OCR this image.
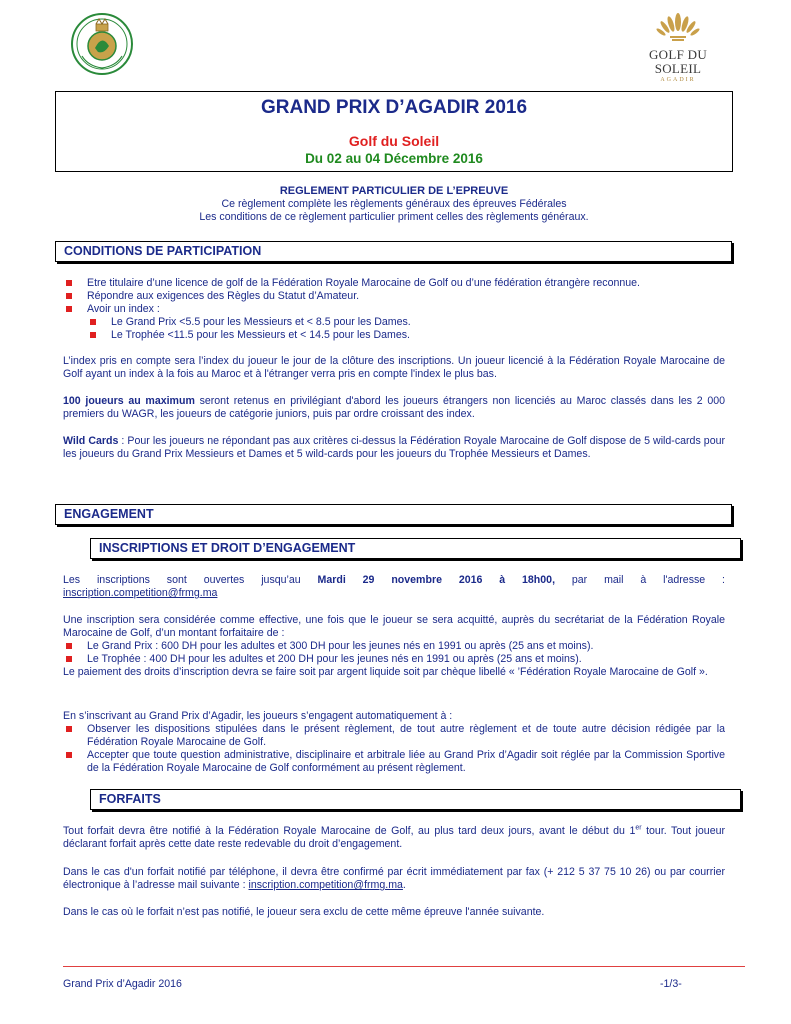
GOLF DU SOLEIL
AGADIR
GRAND PRIX D’AGADIR 2016
Golf du Soleil
Du 02 au 04 Décembre 2016
REGLEMENT PARTICULIER DE L’EPREUVE
Ce règlement complète les règlements généraux des épreuves Fédérales
Les conditions de ce règlement particulier priment celles des règlements généraux.
CONDITIONS DE PARTICIPATION
Etre titulaire d’une licence de golf de la Fédération Royale Marocaine de Golf ou d’une fédération étrangère reconnue.
Répondre aux exigences des Règles du Statut d’Amateur.
Avoir un index :
Le Grand Prix <5.5 pour les Messieurs et < 8.5 pour les Dames.
Le Trophée <11.5 pour les Messieurs et < 14.5 pour les Dames.
L’index pris en compte sera l’index du joueur le jour de la clôture des inscriptions. Un joueur licencié à la Fédération Royale Marocaine de Golf ayant un index à la fois au Maroc et à l'étranger verra pris en compte l'index le plus bas.
100 joueurs au maximum seront retenus en privilégiant d'abord les joueurs étrangers non licenciés au Maroc classés dans les 2 000 premiers du WAGR, les joueurs de catégorie juniors, puis par ordre croissant des index.
Wild Cards : Pour les joueurs ne répondant pas aux critères ci-dessus la Fédération Royale Marocaine de Golf dispose de 5 wild-cards pour les joueurs du Grand Prix Messieurs et Dames et 5 wild-cards pour les joueurs du Trophée Messieurs et Dames.
ENGAGEMENT
INSCRIPTIONS ET DROIT D’ENGAGEMENT
Les inscriptions sont ouvertes jusqu’au Mardi 29 novembre 2016 à 18h00, par mail à l'adresse :
inscription.competition@frmg.ma

Une inscription sera considérée comme effective, une fois que le joueur se sera acquitté, auprès du secrétariat de la Fédération Royale Marocaine de Golf, d’un montant forfaitaire de :

Le Grand Prix : 600 DH pour les adultes et 300 DH pour les jeunes nés en 1991 ou après (25 ans et moins).
Le Trophée : 400 DH pour les adultes et 200 DH pour les jeunes nés en 1991 ou après (25 ans et moins).

Le paiement des droits d’inscription devra se faire soit par argent liquide soit par chèque libellé « ’Fédération Royale Marocaine de Golf ».

En s’inscrivant au Grand Prix d’Agadir, les joueurs s’engagent automatiquement à :

Observer les dispositions stipulées dans le présent règlement, de tout autre règlement et de toute autre décision rédigée par la Fédération Royale Marocaine de Golf.
Accepter que toute question administrative, disciplinaire et arbitrale liée au Grand Prix d’Agadir soit réglée par la Commission Sportive de la Fédération Royale Marocaine de Golf conformément au présent règlement.
FORFAITS
Tout forfait devra être notifié à la Fédération Royale Marocaine de Golf, au plus tard deux jours, avant le début du 1er tour. Tout joueur déclarant forfait après cette date reste redevable du droit d’engagement.
Dans le cas d'un forfait notifié par téléphone, il devra être confirmé par écrit immédiatement par fax (+ 212 5 37 75 10 26) ou par courrier électronique à l’adresse mail suivante : inscription.competition@frmg.ma.
Dans le cas où le forfait n’est pas notifié, le joueur sera exclu de cette même épreuve l'année suivante.
Grand Prix d’Agadir 2016	-1/3-
